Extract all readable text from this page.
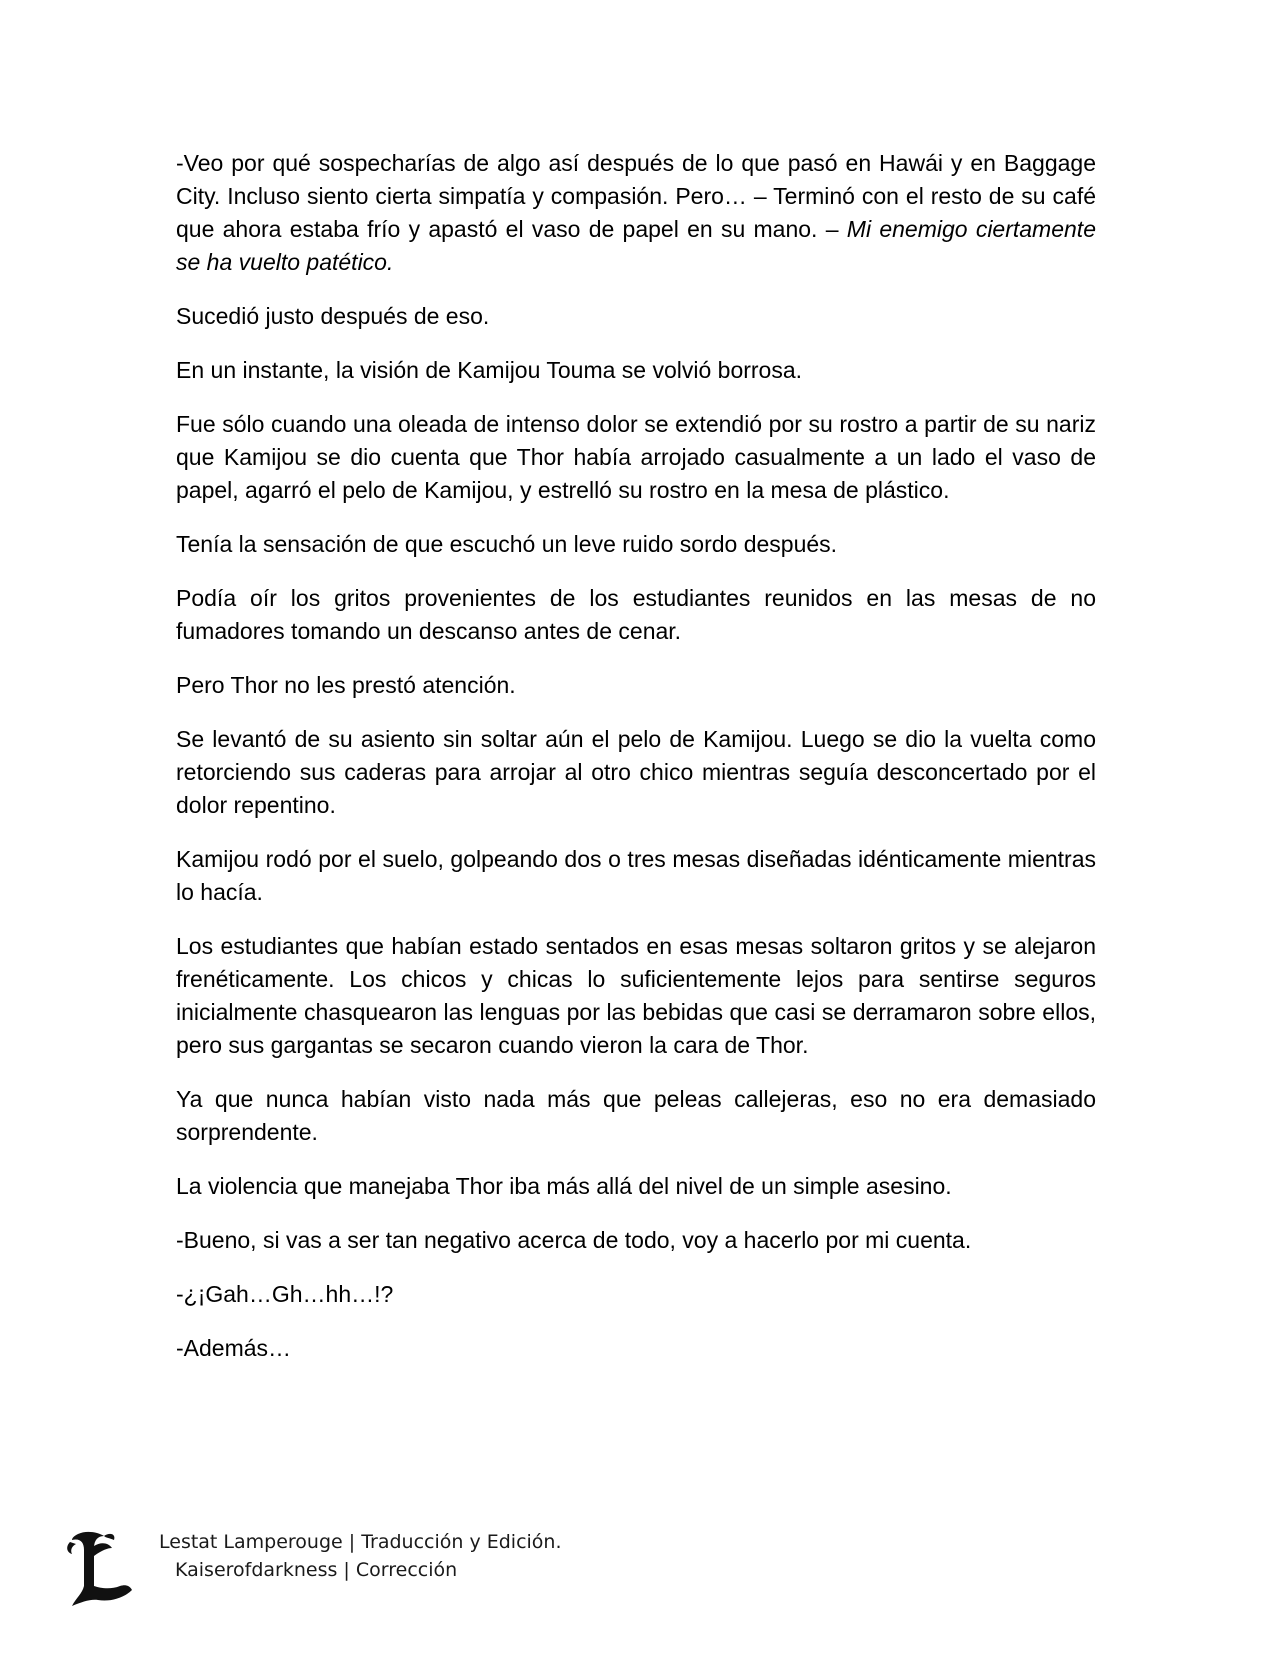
-Veo por qué sospecharías de algo así después de lo que pasó en Hawái y en Baggage City. Incluso siento cierta simpatía y compasión. Pero… – Terminó con el resto de su café que ahora estaba frío y apastó el vaso de papel en su mano. – Mi enemigo ciertamente se ha vuelto patético.

Sucedió justo después de eso.

En un instante, la visión de Kamijou Touma se volvió borrosa.

Fue sólo cuando una oleada de intenso dolor se extendió por su rostro a partir de su nariz que Kamijou se dio cuenta que Thor había arrojado casualmente a un lado el vaso de papel, agarró el pelo de Kamijou, y estrelló su rostro en la mesa de plástico.

Tenía la sensación de que escuchó un leve ruido sordo después.

Podía oír los gritos provenientes de los estudiantes reunidos en las mesas de no fumadores tomando un descanso antes de cenar.

Pero Thor no les prestó atención.

Se levantó de su asiento sin soltar aún el pelo de Kamijou. Luego se dio la vuelta como retorciendo sus caderas para arrojar al otro chico mientras seguía desconcertado por el dolor repentino.

Kamijou rodó por el suelo, golpeando dos o tres mesas diseñadas idénticamente mientras lo hacía.

Los estudiantes que habían estado sentados en esas mesas soltaron gritos y se alejaron frenéticamente. Los chicos y chicas lo suficientemente lejos para sentirse seguros inicialmente chasquearon las lenguas por las bebidas que casi se derramaron sobre ellos, pero sus gargantas se secaron cuando vieron la cara de Thor.

Ya que nunca habían visto nada más que peleas callejeras, eso no era demasiado sorprendente.

La violencia que manejaba Thor iba más allá del nivel de un simple asesino.

-Bueno, si vas a ser tan negativo acerca de todo, voy a hacerlo por mi cuenta.

-¿¡Gah…Gh…hh…!?

-Además…

Lestat Lamperouge | Traducción y Edición.
Kaiserofdarkness | Corrección
